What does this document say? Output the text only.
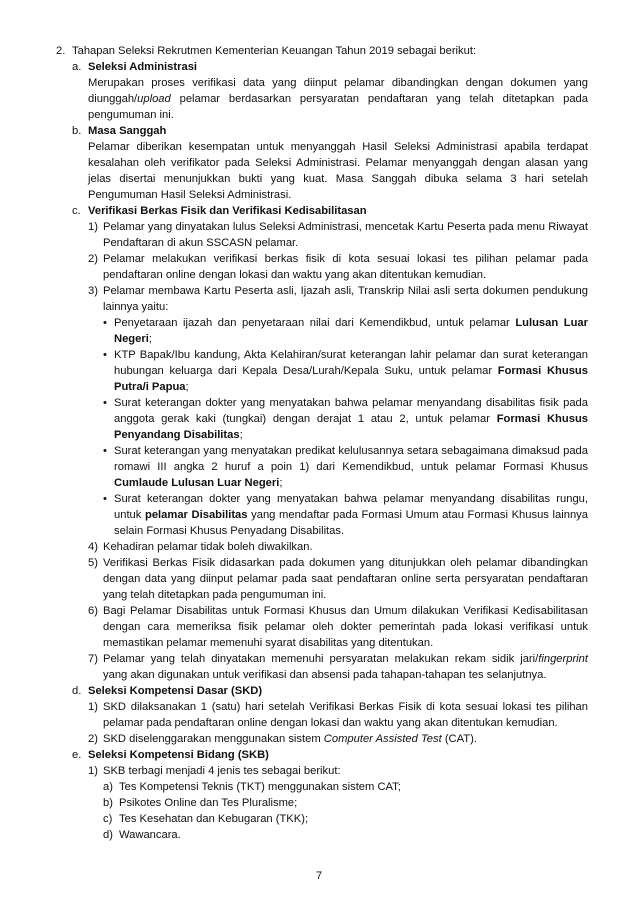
2. Tahapan Seleksi Rekrutmen Kementerian Keuangan Tahun 2019 sebagai berikut:

a. Seleksi Administrasi

Merupakan proses verifikasi data yang diinput pelamar dibandingkan dengan dokumen yang diunggah/upload pelamar berdasarkan persyaratan pendaftaran yang telah ditetapkan pada pengumuman ini.

b. Masa Sanggah

Pelamar diberikan kesempatan untuk menyanggah Hasil Seleksi Administrasi apabila terdapat kesalahan oleh verifikator pada Seleksi Administrasi. Pelamar menyanggah dengan alasan yang jelas disertai menunjukkan bukti yang kuat. Masa Sanggah dibuka selama 3 hari setelah Pengumuman Hasil Seleksi Administrasi.

c. Verifikasi Berkas Fisik dan Verifikasi Kedisabilitasan

1) Pelamar yang dinyatakan lulus Seleksi Administrasi, mencetak Kartu Peserta pada menu Riwayat Pendaftaran di akun SSCASN pelamar.

2) Pelamar melakukan verifikasi berkas fisik di kota sesuai lokasi tes pilihan pelamar pada pendaftaran online dengan lokasi dan waktu yang akan ditentukan kemudian.

3) Pelamar membawa Kartu Peserta asli, Ijazah asli, Transkrip Nilai asli serta dokumen pendukung lainnya yaitu:

• Penyetaraan ijazah dan penyetaraan nilai dari Kemendikbud, untuk pelamar Lulusan Luar Negeri;

• KTP Bapak/Ibu kandung, Akta Kelahiran/surat keterangan lahir pelamar dan surat keterangan hubungan keluarga dari Kepala Desa/Lurah/Kepala Suku, untuk pelamar Formasi Khusus Putra/i Papua;

• Surat keterangan dokter yang menyatakan bahwa pelamar menyandang disabilitas fisik pada anggota gerak kaki (tungkai) dengan derajat 1 atau 2, untuk pelamar Formasi Khusus Penyandang Disabilitas;

• Surat keterangan yang menyatakan predikat kelulusannya setara sebagaimana dimaksud pada romawi III angka 2 huruf a poin 1) dari Kemendikbud, untuk pelamar Formasi Khusus Cumlaude Lulusan Luar Negeri;

• Surat keterangan dokter yang menyatakan bahwa pelamar menyandang disabilitas rungu, untuk pelamar Disabilitas yang mendaftar pada Formasi Umum atau Formasi Khusus lainnya selain Formasi Khusus Penyadang Disabilitas.

4) Kehadiran pelamar tidak boleh diwakilkan.

5) Verifikasi Berkas Fisik didasarkan pada dokumen yang ditunjukkan oleh pelamar dibandingkan dengan data yang diinput pelamar pada saat pendaftaran online serta persyaratan pendaftaran yang telah ditetapkan pada pengumuman ini.

6) Bagi Pelamar Disabilitas untuk Formasi Khusus dan Umum dilakukan Verifikasi Kedisabilitasan dengan cara memeriksa fisik pelamar oleh dokter pemerintah pada lokasi verifikasi untuk memastikan pelamar memenuhi syarat disabilitas yang ditentukan.

7) Pelamar yang telah dinyatakan memenuhi persyaratan melakukan rekam sidik jari/fingerprint yang akan digunakan untuk verifikasi dan absensi pada tahapan-tahapan tes selanjutnya.

d. Seleksi Kompetensi Dasar (SKD)

1) SKD dilaksanakan 1 (satu) hari setelah Verifikasi Berkas Fisik di kota sesuai lokasi tes pilihan pelamar pada pendaftaran online dengan lokasi dan waktu yang akan ditentukan kemudian.

2) SKD diselenggarakan menggunakan sistem Computer Assisted Test (CAT).

e. Seleksi Kompetensi Bidang (SKB)

1) SKB terbagi menjadi 4 jenis tes sebagai berikut:

a) Tes Kompetensi Teknis (TKT) menggunakan sistem CAT;

b) Psikotes Online dan Tes Pluralisme;

c) Tes Kesehatan dan Kebugaran (TKK);

d) Wawancara.

7
